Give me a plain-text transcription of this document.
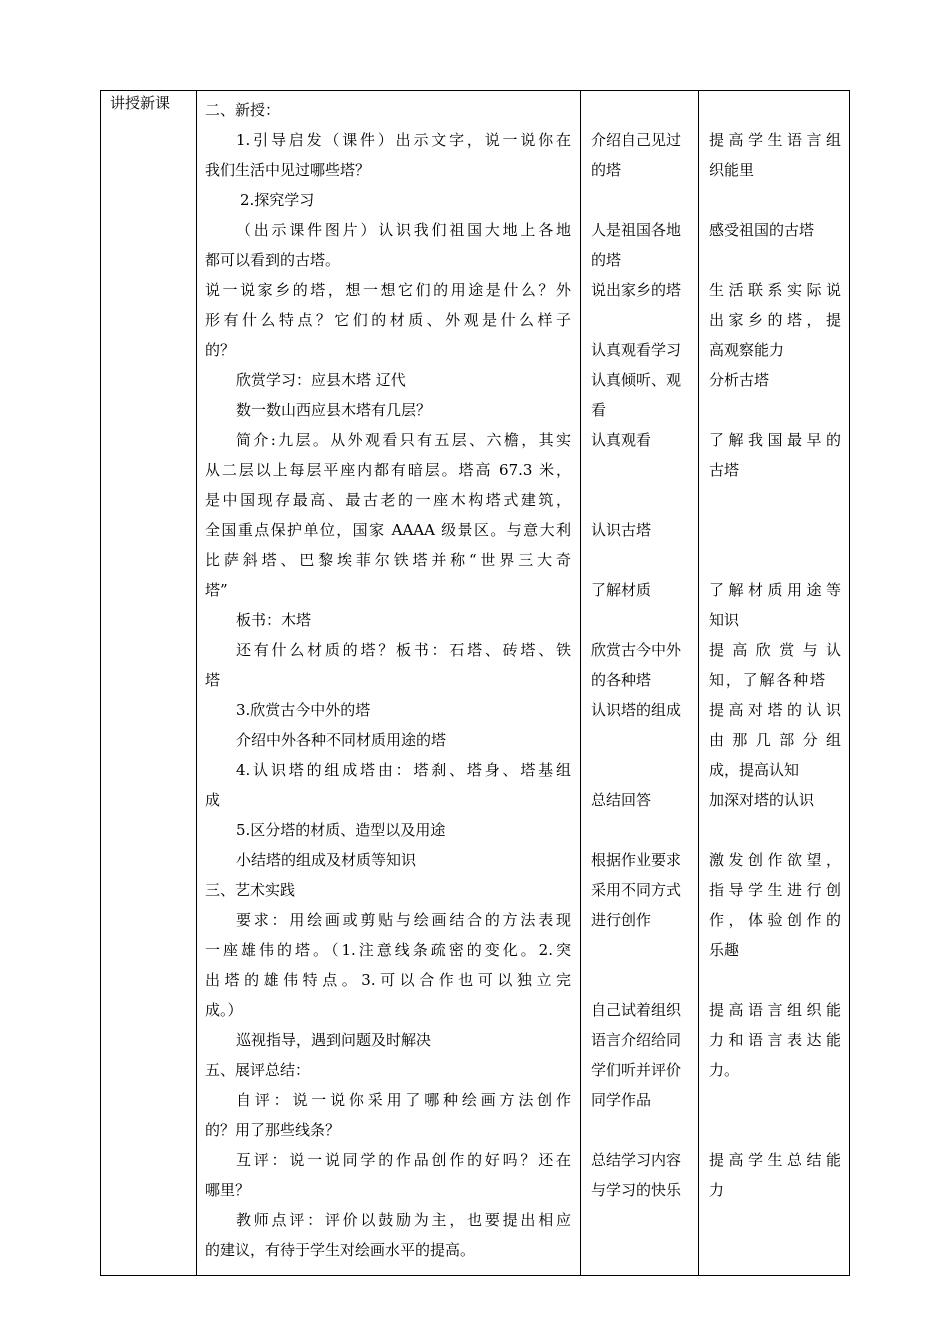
讲授新课 二、新授：
1.引导启发（课件）出示文字，说一说你在
我们生活中见过哪些塔？
2.探究学习
（出示课件图片）认识我们祖国大地上各地
都可以看到的古塔。
说一说家乡的塔，想一想它们的用途是什么？外
形有什么特点？它们的材质、外观是什么样子
的？
欣赏学习：应县木塔 辽代
数一数山西应县木塔有几层？
简介:九层。从外观看只有五层、六檐，其实
从二层以上每层平座内都有暗层。塔高 67.3 米，
是中国现存最高、最古老的一座木构塔式建筑，
全国重点保护单位，国家 AAAA 级景区。与意大利
比萨斜塔、巴黎埃菲尔铁塔并称“世界三大奇
塔”
板书：木塔
还有什么材质的塔？板书：石塔、砖塔、铁
塔
3.欣赏古今中外的塔
介绍中外各种不同材质用途的塔
4.认识塔的组成塔由：塔刹、塔身、塔基组
成
5.区分塔的材质、造型以及用途
小结塔的组成及材质等知识
三、艺术实践
要求：用绘画或剪贴与绘画结合的方法表现
一座雄伟的塔。（1.注意线条疏密的变化。2.突
出塔的雄伟特点。3.可以合作也可以独立完
成。）
巡视指导，遇到问题及时解决
五、展评总结：
自评：说一说你采用了哪种绘画方法创作
的？用了那些线条？
互评：说一说同学的作品创作的好吗？还在
哪里？
教师点评：评价以鼓励为主，也要提出相应
的建议，有待于学生对绘画水平的提高。
介绍自己见过
的塔
人是祖国各地
的塔
说出家乡的塔
认真观看学习
认真倾听、观
看
认真观看
认识古塔
了解材质
欣赏古今中外
的各种塔
认识塔的组成
总结回答
根据作业要求
采用不同方式
进行创作
自己试着组织
语言介绍给同
学们听并评价
同学作品
总结学习内容
与学习的快乐
提高学生语言组
织能里
感受祖国的古塔
生活联系实际说
出家乡的塔，提
高观察能力
分析古塔
了解我国最早的
古塔
了解材质用途等
知识
提高欣赏与认
知，了解各种塔
提高对塔的认识
由那几部分组
成，提高认知
加深对塔的认识
激发创作欲望，
指导学生进行创
作，体验创作的
乐趣
提高语言组织能
力和语言表达能
力。
提高学生总结能
力
